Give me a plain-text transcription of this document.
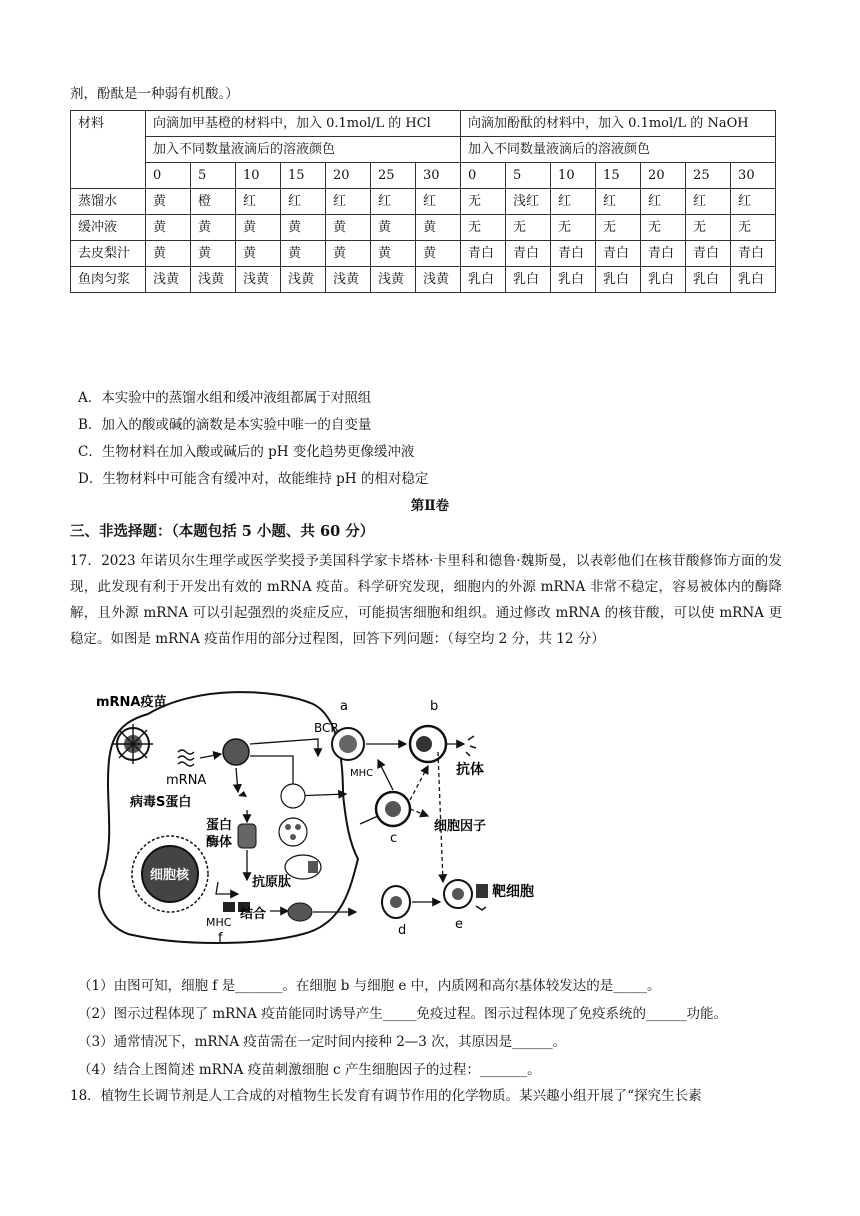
剂，酚酞是一种弱有机酸。）
材料	向滴加甲基橙的材料中，加入 0.1mol/L 的 HCl							向滴加酚酞的材料中，加入 0.1mol/L 的 NaOH						
	加入不同数量液滴后的溶液颜色							加入不同数量液滴后的溶液颜色						
	0	5	10	15	20	25	30	0	5	10	15	20	25	30
蒸馏水	黄	橙	红	红	红	红	红	无	浅红	红	红	红	红	红
缓冲液	黄	黄	黄	黄	黄	黄	黄	无	无	无	无	无	无	无
去皮梨汁	黄	黄	黄	黄	黄	黄	黄	青白	青白	青白	青白	青白	青白	青白
鱼肉匀浆	浅黄	浅黄	浅黄	浅黄	浅黄	浅黄	浅黄	乳白	乳白	乳白	乳白	乳白	乳白	乳白
A．本实验中的蒸馏水组和缓冲液组都属于对照组
B．加入的酸或碱的滴数是本实验中唯一的自变量
C．生物材料在加入酸或碱后的 pH 变化趋势更像缓冲液
D．生物材料中可能含有缓冲对，故能维持 pH 的相对稳定
第Ⅱ卷
三、非选择题：（本题包括 5 小题、共 60 分）
17．2023 年诺贝尔生理学或医学奖授予美国科学家卡塔林·卡里科和德鲁·魏斯曼，以表彰他们在核苷酸修饰方面的发现，此发现有利于开发出有效的 mRNA 疫苗。科学研究发现，细胞内的外源 mRNA 非常不稳定，容易被体内的酶降解，且外源 mRNA 可以引起强烈的炎症反应，可能损害细胞和组织。通过修改 mRNA 的核苷酸，可以使 mRNA 更稳定。如图是 mRNA 疫苗作用的部分过程图，回答下列问题：（每空均 2 分，共 12 分）
mRNA疫苗
mRNA
病毒S蛋白
蛋白
酶体
细胞核	抗原肽
MHC
结合
f
a
BCR
MHC
b
抗体
c
细胞因子
d	e
靶细胞
（1）由图可知，细胞 f 是_______。在细胞 b 与细胞 e 中，内质网和高尔基体较发达的是_____。
（2）图示过程体现了 mRNA 疫苗能同时诱导产生_____免疫过程。图示过程体现了免疫系统的______功能。
（3）通常情况下，mRNA 疫苗需在一定时间内接种 2—3 次，其原因是______。
（4）结合上图简述 mRNA 疫苗刺激细胞 c 产生细胞因子的过程：_______。
18．植物生长调节剂是人工合成的对植物生长发育有调节作用的化学物质。某兴趣小组开展了“探究生长素
